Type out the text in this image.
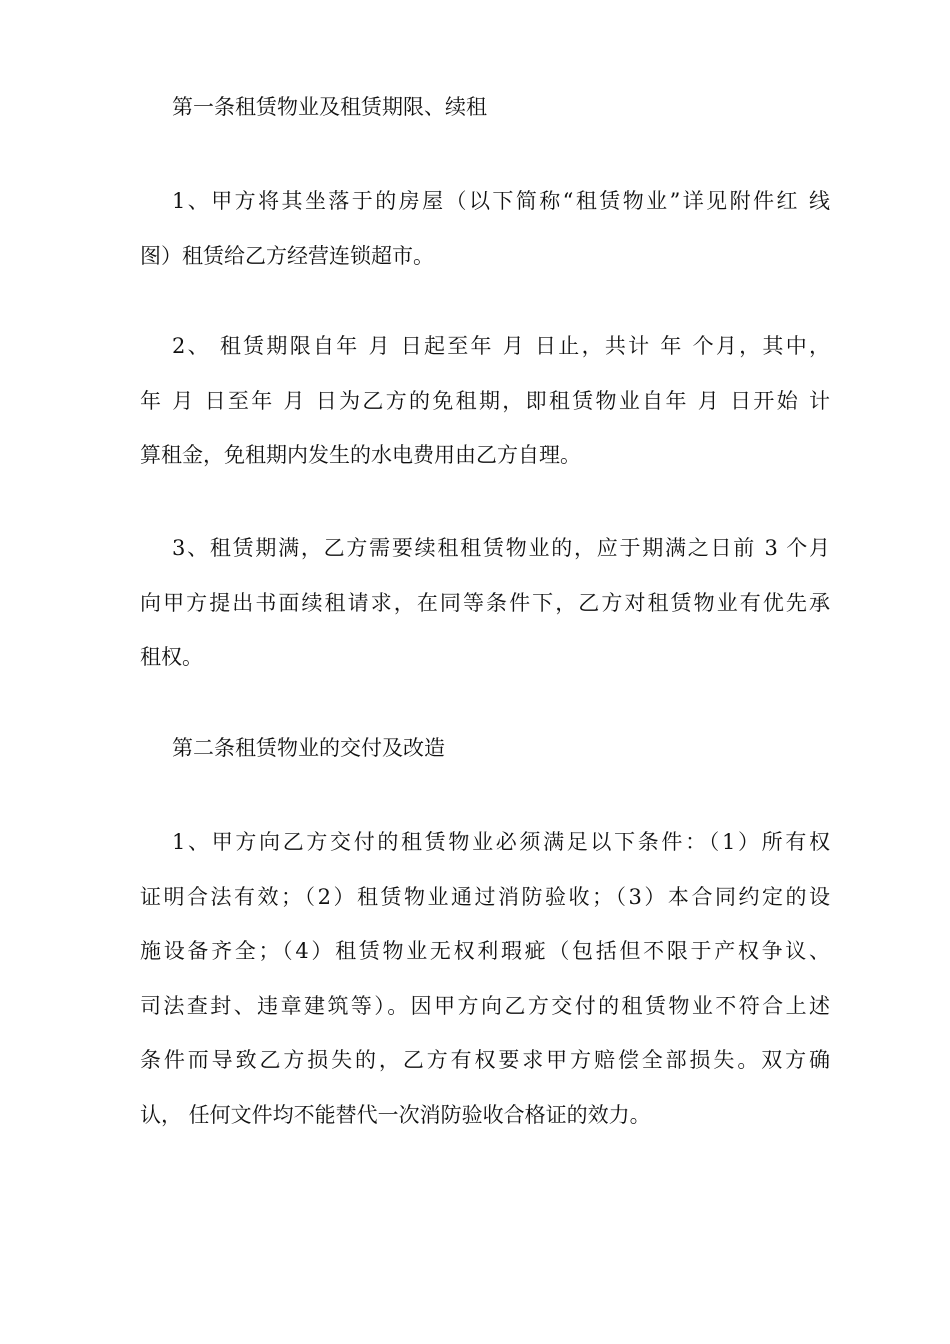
第一条租赁物业及租赁期限、续租
1、甲方将其坐落于的房屋（以下简称“租赁物业”详见附件红 线
图）租赁给乙方经营连锁超市。
2、 租赁期限自年 月 日起至年 月 日止，共计 年 个月，其中，
年 月 日至年 月 日为乙方的免租期，即租赁物业自年 月 日开始 计
算租金，免租期内发生的水电费用由乙方自理。
3、租赁期满，乙方需要续租租赁物业的，应于期满之日前 3 个月
向甲方提出书面续租请求，在同等条件下，乙方对租赁物业有优先承
租权。
第二条租赁物业的交付及改造
1、甲方向乙方交付的租赁物业必须满足以下条件：（1）所有权
证明合法有效；（2）租赁物业通过消防验收；（3）本合同约定的设
施设备齐全；（4）租赁物业无权利瑕疵（包括但不限于产权争议、
司法查封、违章建筑等）。因甲方向乙方交付的租赁物业不符合上述
条件而导致乙方损失的，乙方有权要求甲方赔偿全部损失。双方确
认， 任何文件均不能替代一次消防验收合格证的效力。
